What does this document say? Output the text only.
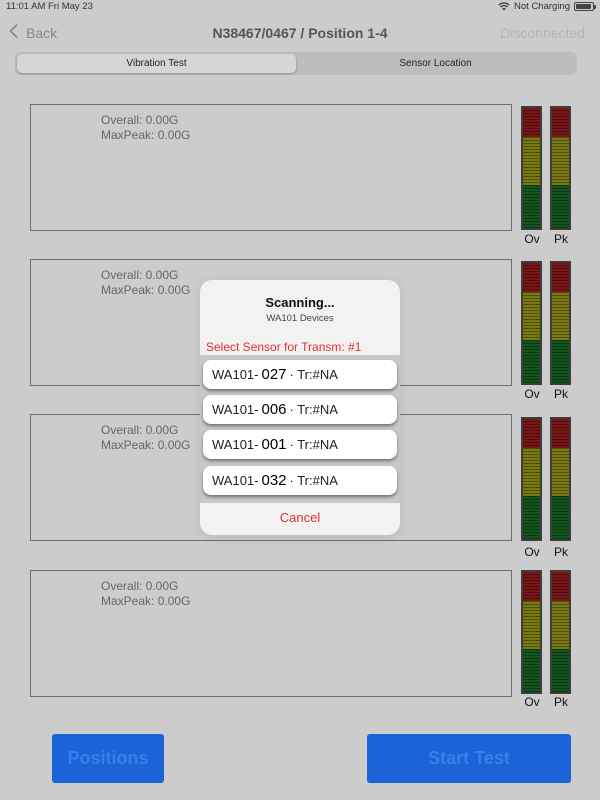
11:01 AM Fri May 23	Not Charging
Back	N38467/0467 / Position 1-4	Disconnected
Vibration Test	Sensor Location
Overall: 0.00G
MaxPeak: 0.00G
Ov	Pk
Overall: 0.00G
MaxPeak: 0.00G
Ov	Pk
Overall: 0.00G
MaxPeak: 0.00G
Ov	Pk
Overall: 0.00G
MaxPeak: 0.00G
Ov	Pk
Positions	Start Test
Scanning...
WA101 Devices
Select Sensor for Transm: #1
WA101- 027 · Tr:#NA
WA101- 006 · Tr:#NA
WA101- 001 · Tr:#NA
WA101- 032 · Tr:#NA
Cancel
